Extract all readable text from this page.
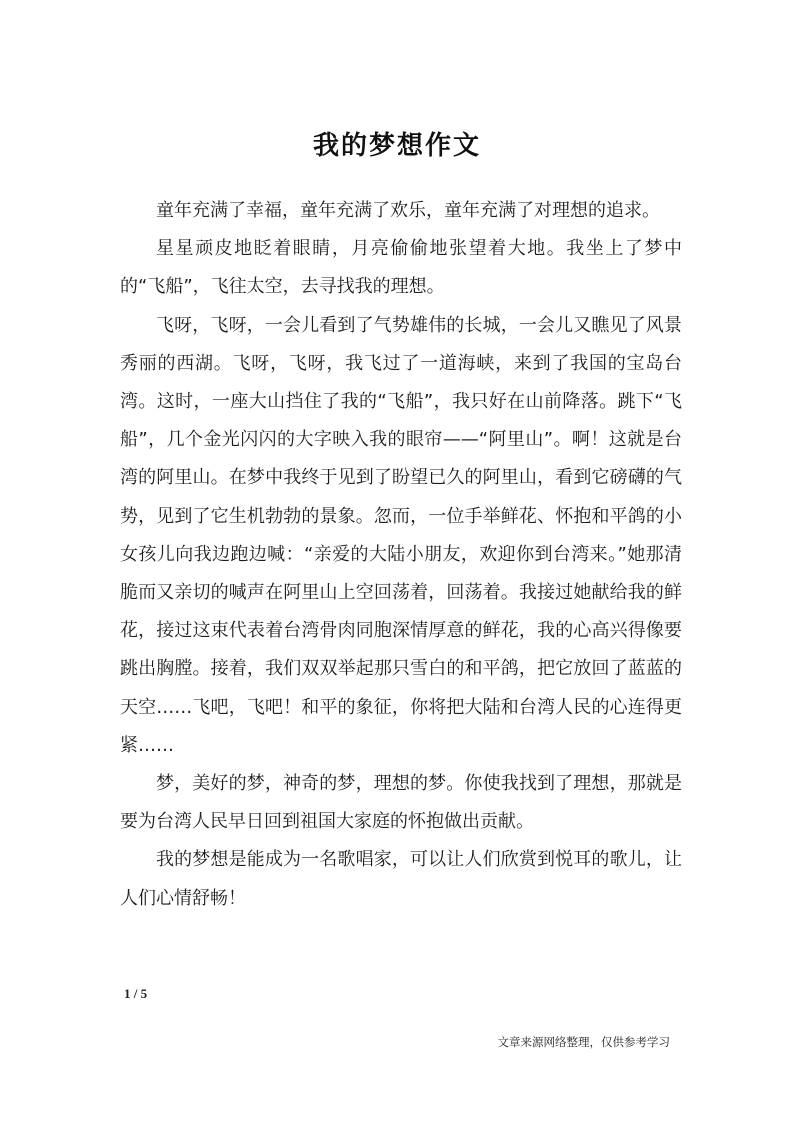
我的梦想作文

童年充满了幸福，童年充满了欢乐，童年充满了对理想的追求。

星星顽皮地眨着眼睛，月亮偷偷地张望着大地。我坐上了梦中的“飞船”，飞往太空，去寻找我的理想。

飞呀，飞呀，一会儿看到了气势雄伟的长城，一会儿又瞧见了风景秀丽的西湖。飞呀，飞呀，我飞过了一道海峡，来到了我国的宝岛台湾。这时，一座大山挡住了我的“飞船”，我只好在山前降落。跳下“飞船”，几个金光闪闪的大字映入我的眼帘——“阿里山”。啊！这就是台湾的阿里山。在梦中我终于见到了盼望已久的阿里山，看到它磅礴的气势，见到了它生机勃勃的景象。忽而，一位手举鲜花、怀抱和平鸽的小女孩儿向我边跑边喊：“亲爱的大陆小朋友，欢迎你到台湾来。”她那清脆而又亲切的喊声在阿里山上空回荡着，回荡着。我接过她献给我的鲜花，接过这束代表着台湾骨肉同胞深情厚意的鲜花，我的心高兴得像要跳出胸膛。接着，我们双双举起那只雪白的和平鸽，把它放回了蓝蓝的天空……飞吧，飞吧！和平的象征，你将把大陆和台湾人民的心连得更紧……

梦，美好的梦，神奇的梦，理想的梦。你使我找到了理想，那就是要为台湾人民早日回到祖国大家庭的怀抱做出贡献。

我的梦想是能成为一名歌唱家，可以让人们欣赏到悦耳的歌儿，让人们心情舒畅！

1 / 5
文章来源网络整理，仅供参考学习
